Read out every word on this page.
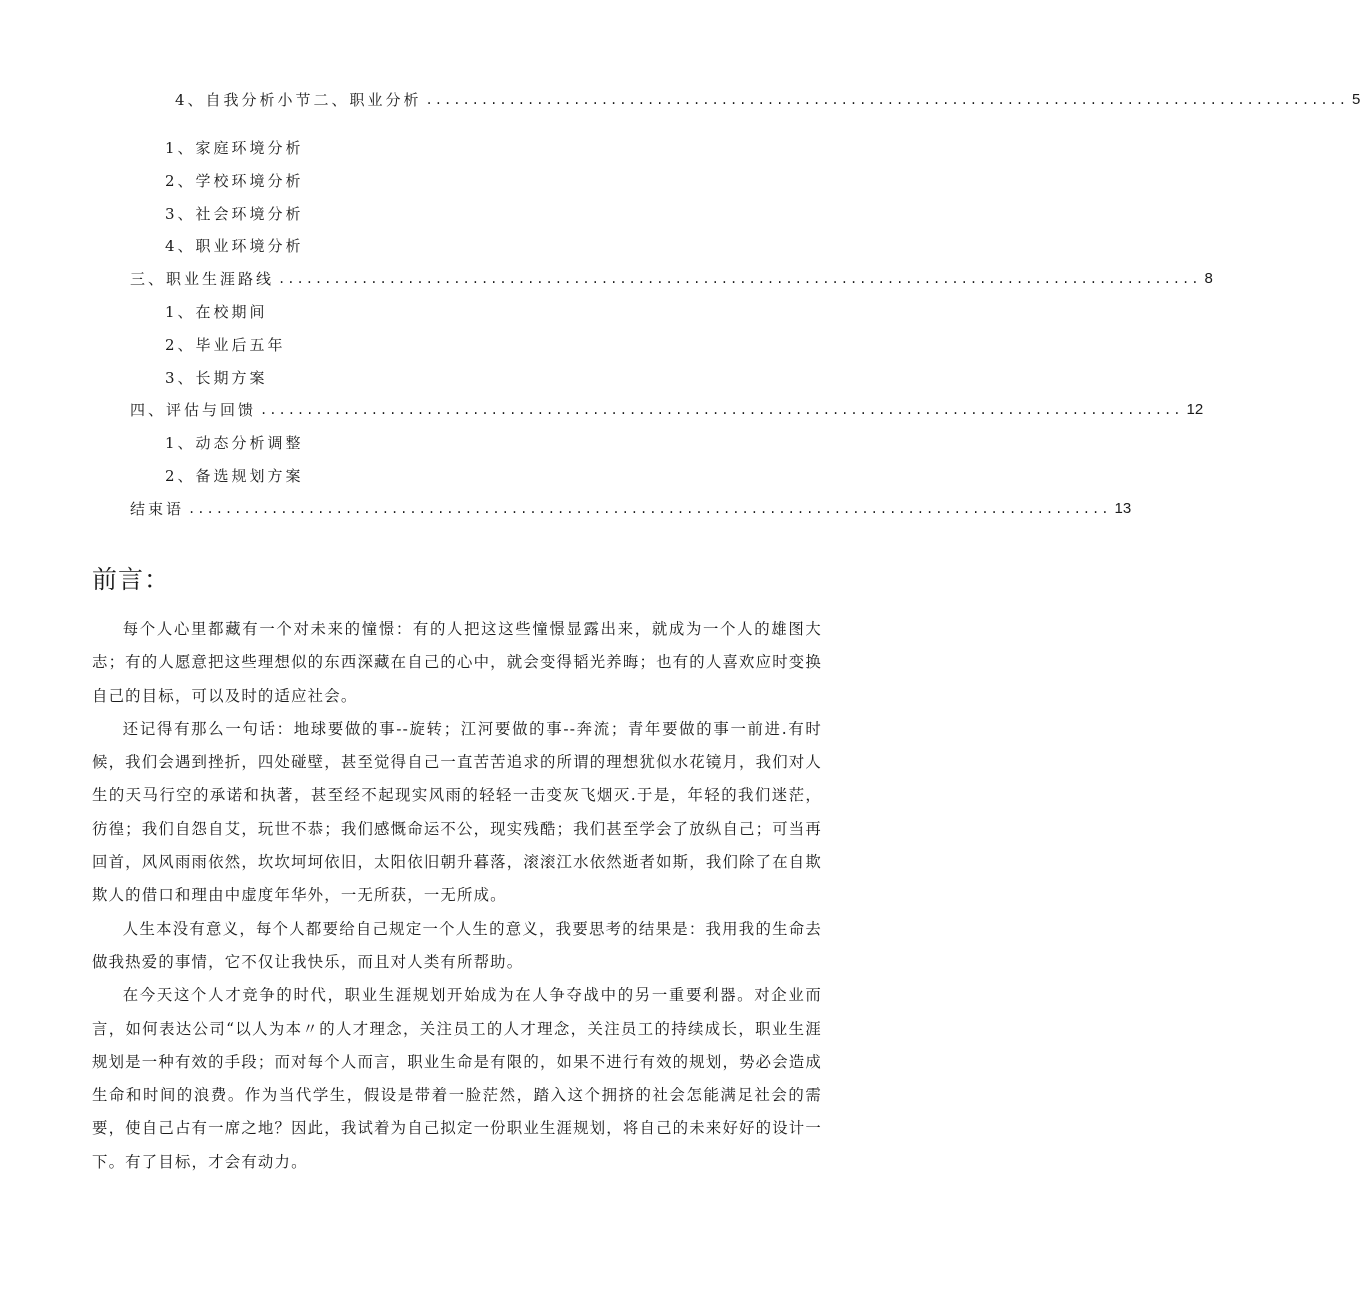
4、自我分析小节二、职业分析 .................................................................................................... 5
1、家庭环境分析
2、学校环境分析
3、社会环境分析
4、职业环境分析
三、职业生涯路线 .................................................................................................... 8
1、在校期间
2、毕业后五年
3、长期方案
四、评估与回馈 .................................................................................................... 12
1、动态分析调整
2、备选规划方案
结束语 .................................................................................................... 13
前言：

每个人心里都藏有一个对未来的憧憬：有的人把这这些憧憬显露出来，就成为一个人的雄图大志；有的人愿意把这些理想似的东西深藏在自己的心中，就会变得韬光养晦；也有的人喜欢应时变换自己的目标，可以及时的适应社会。

还记得有那么一句话：地球要做的事--旋转；江河要做的事--奔流；青年要做的事一前进.有时候，我们会遇到挫折，四处碰壁，甚至觉得自己一直苦苦追求的所谓的理想犹似水花镜月，我们对人生的天马行空的承诺和执著，甚至经不起现实风雨的轻轻一击变灰飞烟灭.于是，年轻的我们迷茫，彷徨；我们自怨自艾，玩世不恭；我们感慨命运不公，现实残酷；我们甚至学会了放纵自己；可当再回首，风风雨雨依然，坎坎坷坷依旧，太阳依旧朝升暮落，滚滚江水依然逝者如斯，我们除了在自欺欺人的借口和理由中虚度年华外，一无所获，一无所成。

人生本没有意义，每个人都要给自己规定一个人生的意义，我要思考的结果是：我用我的生命去做我热爱的事情，它不仅让我快乐，而且对人类有所帮助。

在今天这个人才竞争的时代，职业生涯规划开始成为在人争夺战中的另一重要利器。对企业而言，如何表达公司“以人为本〃的人才理念，关注员工的人才理念，关注员工的持续成长，职业生涯规划是一种有效的手段；而对每个人而言，职业生命是有限的，如果不进行有效的规划，势必会造成生命和时间的浪费。作为当代学生，假设是带着一脸茫然，踏入这个拥挤的社会怎能满足社会的需要，使自己占有一席之地？因此，我试着为自己拟定一份职业生涯规划，将自己的未来好好的设计一下。有了目标，才会有动力。
